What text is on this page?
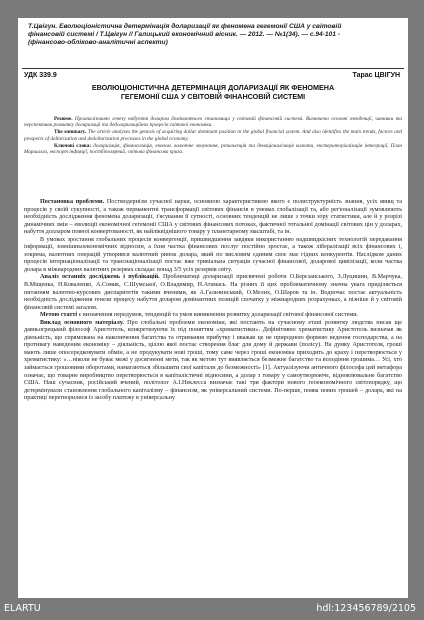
Т.Цвігун. Еволюціоністична детермінація доларизації як феномена гегемонії США у світовій
фінансовій системі / Т.Цвігун // Галицький економічний вісник. — 2012. — №1(34). — с.94-101 -
(фінансово-обліково-аналітичні аспекти)
УДК 339.9	Тарас ЦВІГУН
ЕВОЛЮЦІОНІСТИЧНА ДЕТЕРМІНАЦІЯ ДОЛАРИЗАЦІЇ ЯК ФЕНОМЕНА
ГЕГЕМОНІЇ США У СВІТОВІЙ ФІНАНСОВІЙ СИСТЕМІ

Резюме. Проаналізовано генезу набуття доларом домінантного становища у світовій фінансовій системі. Визначено основні тенденції, чинники та перспективи розвитку доларизації та дедоларизаційних процесів світової економіки.

The summary. The article analyzes the genesis of acquiring dollar dominant position in the global financial system. And also identifies the main trends, factors and prospects of dollarization and dedollarization processes in the global economy.

Ключові слова: доларизація, фінансизація, економ. валютне зонування, резильєнція та денаціоналізація валюти, екстериторіалізація інтеграції, План Маршалла, експорт інфляції, постбіполярний, світова фінансова криза.

Постановка проблеми. Постмодернізм сучасної науки, основною характеристикою якого є полиструктурність знання, усіх явищ та процесів у своїй сукупності, а також перманентні трансформації світових фінансів в умовах глобалізації та, або регіоналізації зумовлюють необхідність дослідження феномена доларизації, з'ясування її сутності, основних тенденцій не лише з точки зору статистики, але й у розрізі динамічних змін – еволюції економічної гегемонії США у світових фінансових потоках, фактичної тотальної домінації світових цін у доларах, набуття долларом повної конвертованості, як найліквіднішого товару у планетарному масштабі, та ін.

В умовах зростання глобальних процесів конвергенції, пришвидшення завдяки використанню надшвидкісних технологій передавання інформації, зовнішньоекономічних відносин, а їхня частка фінансових послуг постійно зростає, а також лібералізації всіх фінансових і, зокрема, валютних операцій утворився валютний ринок долара, який по висловим єдиним своє має гідних конкурентів. Наслідком даних процесів інтернаціоналізації та транснаціоналізації постає вже тривіальна ситуація сучасної фінансової, доларової цивілізації, коли частка долара в міжнародних валютних резервах складає понад 3/5 усіх резервів світу.

Аналіз останніх досліджень і публікацій. Проблематиці доларизації присвячені роботи О.Берєзанського, З.Луцишин, В.Марчука, В.Міщенка, Н.Коваленко, А.Сомик, С.Шумської, О.Владимир, Н.Атамась. На різних її цих проблематичному значна увага приділяється питанням валютно-курсових диспаритетів такими вченими, як А.Гальчинський, О.Мелих, О.Шаров та ін. Водночас постає актуальність необхідність дослідження генези процесу набуття доларом домінантних позицій спочатку у міжнародних розрахунках, а пізніше й у світовій фінансовій системі загалом.

Метою статті є визначення передумов, тенденцій та умов виникнення розвитку доларизації світової фінансової системи.

Виклад основного матеріалу. Про глобальні проблеми економіки, які постають на сучасному етапі розвитку людства писав ще давньогрецький філософ Аристотель, конкретизуючи їх під поняттям «хрематистики». Дефінітивно хрематистику Аристотель визначав як діяльність, що спрямована на накопичення багатства та отримання прибутку і вважав це не природною формою ведення господарства, а на противагу наведеним економіку – діяльність, ціллю якої постає створення благ для дому й держави (полісу). На думку Аристотеля, гроші мають лише опосередковувати обмін, а не продукувати нові гроші, тому саме через гроші економіка приходить до краху і перетворюється у хрематистику: «…ніколи не буває межі у досягненні мети, так як метою тут виявляється безмежне багатство та володіння грошима… Усі, хто займається грошовими оборотами, намагаються збільшити свої капітали до безмежності» [1]. Актуалізуючи античного філософа цей метафора означає, що товарне виробництво перетворюється в капіталістичні відносини, а долар з товару у самоутворюючє, відновлювальне багатство США. Наш сучасник, російський вчений, політолог А.І.Неклесса визначає такі три фактори нового геоекономічного світопорядку, що детермінували становлення глобального капіталізму – фінансизм, як універсальний системи. По-перше, поява нових грошей – долара, які на практиці перетворилися із засобу платежу в універсальну

ELARTU	hdl:123456789/2105
